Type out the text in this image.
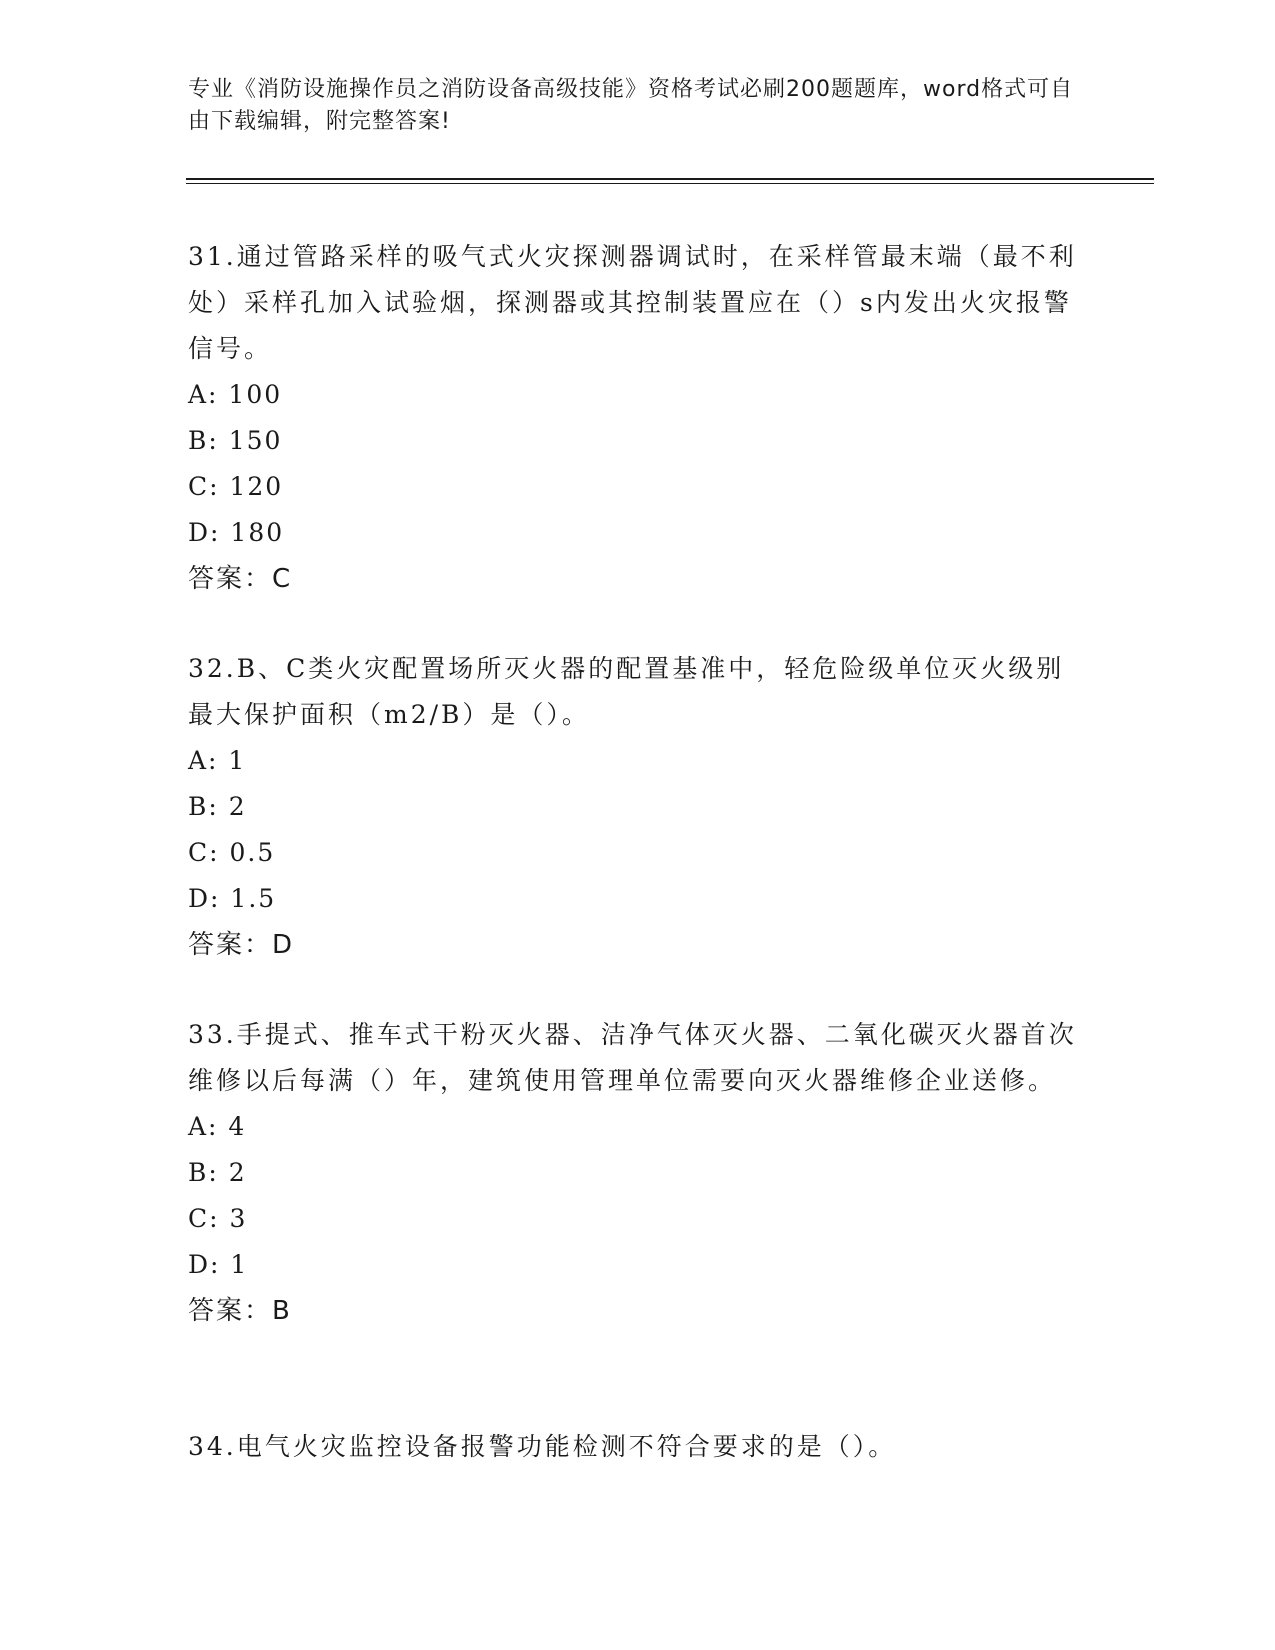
专业《消防设施操作员之消防设备高级技能》资格考试必刷200题题库，word格式可自由下载编辑，附完整答案!

31.通过管路采样的吸气式火灾探测器调试时，在采样管最末端（最不利处）采样孔加入试验烟，探测器或其控制装置应在（）s内发出火灾报警信号。

A: 100

B: 150

C: 120

D: 180

答案：C

32.B、C类火灾配置场所灭火器的配置基准中，轻危险级单位灭火级别最大保护面积（m2/B）是（）。

A: 1

B: 2

C: 0.5

D: 1.5

答案：D

33.手提式、推车式干粉灭火器、洁净气体灭火器、二氧化碳灭火器首次维修以后每满（）年，建筑使用管理单位需要向灭火器维修企业送修。

A: 4

B: 2

C: 3

D: 1

答案：B

34.电气火灾监控设备报警功能检测不符合要求的是（）。
